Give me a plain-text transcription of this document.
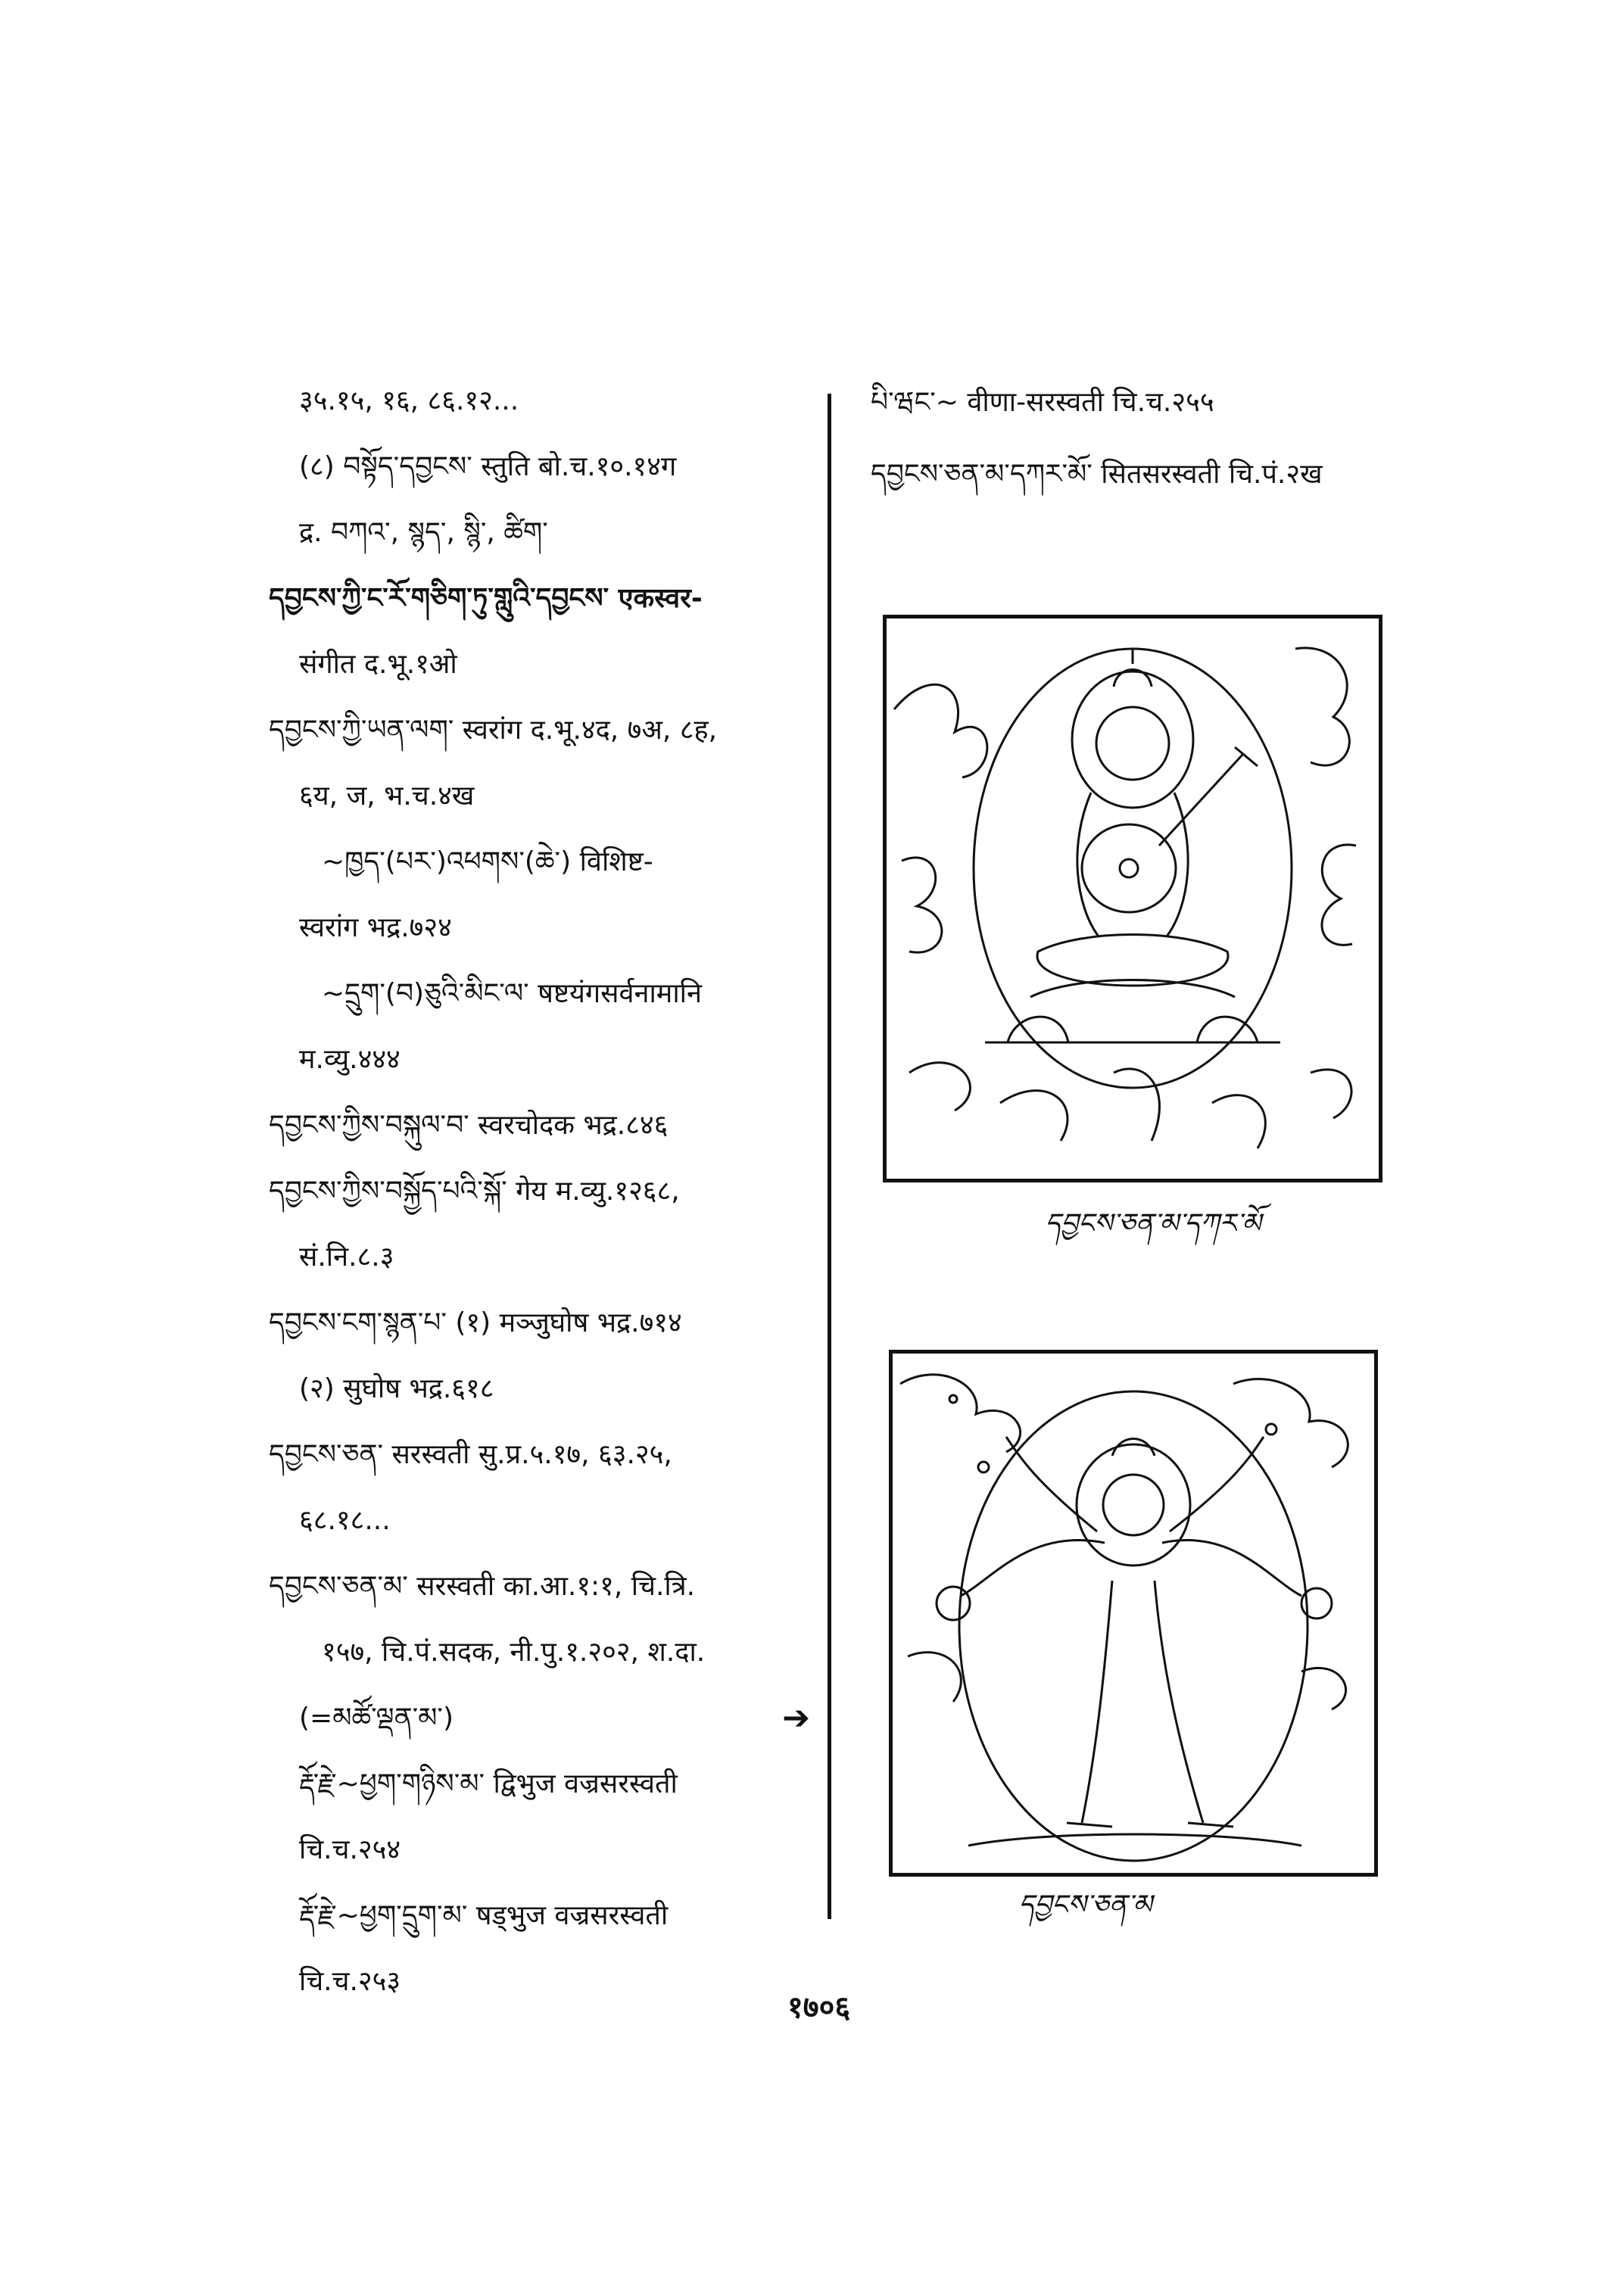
३५.१५, १६, ८६.१२...
(८) བསྟོད་དབྱངས་ स्तुति बो.च.१०.१४ग
द्र. བཀའ་, སྙད་, སྙི་, ཚིག་
དབྱངས་ཀྱི་ང་རོ་གཅིག་ཏུ་གླུའི་དབྱངས་ एकस्वर-
संगीत द.भू.१ओ
དབྱངས་ཀྱི་ཡན་ལག་ स्वरांग द.भू.४द, ७अ, ८ह,
६य, ज, भ.च.४ख
~ཁྱད་(པར་)འཕགས་(ཆེ་) विशिष्ट-
स्वरांग भद्र.७२४
~དྲུག་(བ)ཅུའི་མིང་ལ་ षष्टयंगसर्वनामानि
म.व्यु.४४४
དབྱངས་ཀྱིས་བསྐུལ་བ་ स्वरचोदक भद्र.८४६
དབྱངས་ཀྱིས་བསྐྱོད་པའི་སྐོ་ गेय म.व्यु.१२६८,
सं.नि.८.३
དབྱངས་ངག་སྙན་པ་ (१) मञ्जुघोष भद्र.७१४
(२) सुघोष भद्र.६१८
དབྱངས་ཅན་ सरस्वती सु.प्र.५.१७, ६३.२५,
६८.१८...
དབྱངས་ཅན་མ་ सरस्वती का.आ.१:१, चि.त्रि.
१५७, चि.पं.सदक, नी.पु.१.२०२, श.दा.
(=མཚོ་ལྡན་མ་)	➔
རྡོ་རྗེ་~ཕྱག་གཉིས་མ་ द्विभुज वज्रसरस्वती
चि.च.२५४
རྡོ་རྗེ་~ཕྱག་དྲུག་མ་ षड्भुज वज्रसरस्वती
चि.च.२५३
པི་ཝང་~ वीणा-सरस्वती चि.च.२५५
དབྱངས་ཅན་མ་དཀར་མོ་ सितसरस्वती चि.पं.२ख
དབྱངས་ཅན་མ་དཀར་མོ
དབྱངས་ཅན་མ
१७०६
